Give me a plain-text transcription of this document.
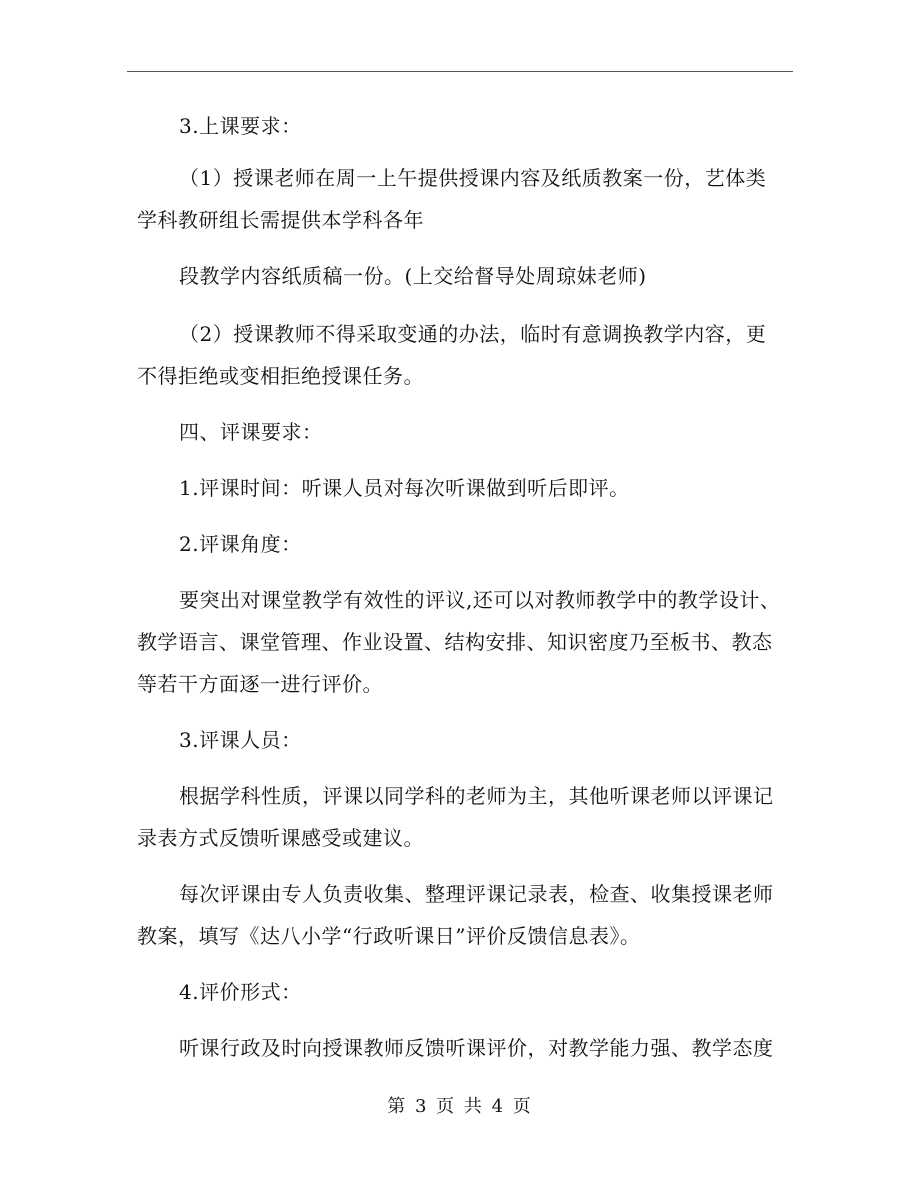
3.上课要求：
（1）授课老师在周一上午提供授课内容及纸质教案一份，艺体类
学科教研组长需提供本学科各年
段教学内容纸质稿一份。(上交给督导处周琼妹老师)
（2）授课教师不得采取变通的办法，临时有意调换教学内容，更
不得拒绝或变相拒绝授课任务。
四、评课要求：
1.评课时间：听课人员对每次听课做到听后即评。
2.评课角度：
要突出对课堂教学有效性的评议,还可以对教师教学中的教学设计、
教学语言、课堂管理、作业设置、结构安排、知识密度乃至板书、教态
等若干方面逐一进行评价。
3.评课人员：
根据学科性质，评课以同学科的老师为主，其他听课老师以评课记
录表方式反馈听课感受或建议。
每次评课由专人负责收集、整理评课记录表，检查、收集授课老师
教案，填写《达八小学“行政听课日”评价反馈信息表》。
4.评价形式：
听课行政及时向授课教师反馈听课评价，对教学能力强、教学态度
第 3 页 共 4 页
